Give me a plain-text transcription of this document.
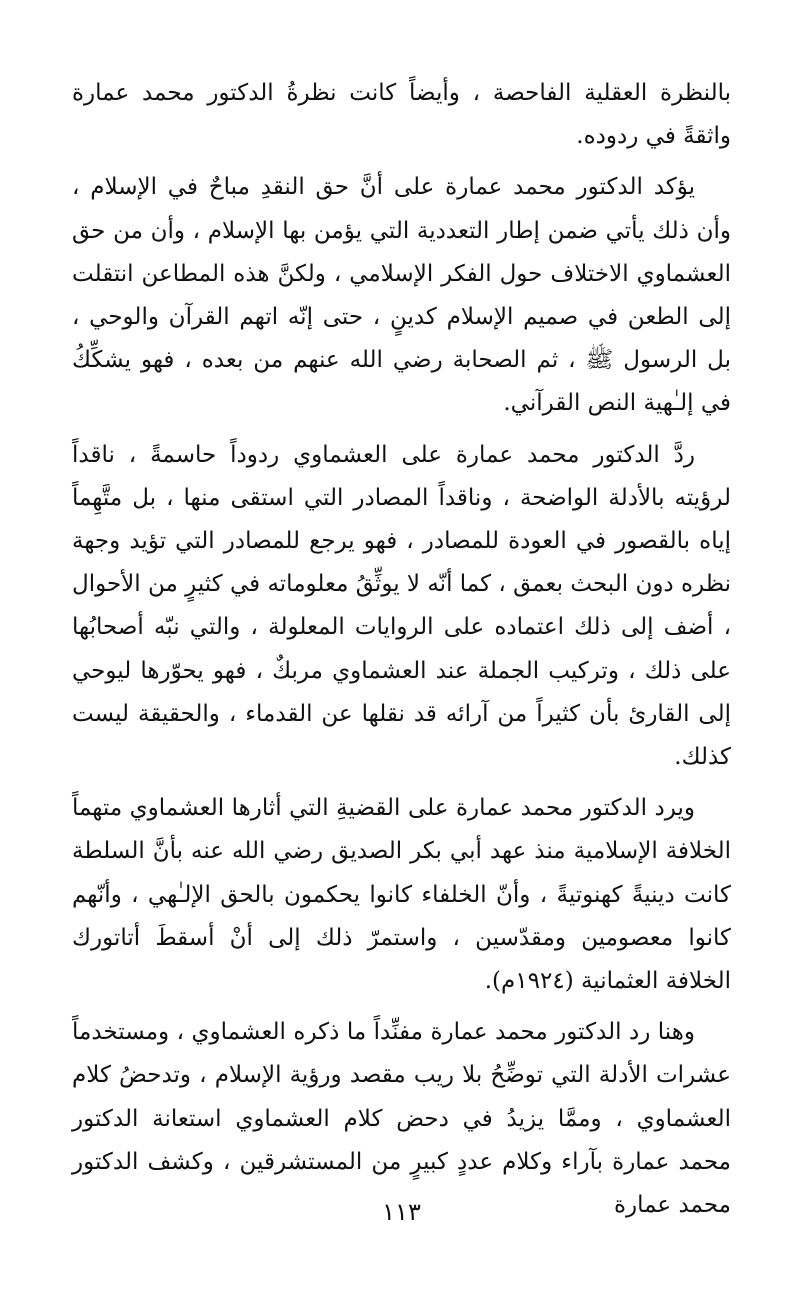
بالنظرة العقلية الفاحصة ، وأيضاً كانت نظرةُ الدكتور محمد عمارة واثقةً في ردوده.

يؤكد الدكتور محمد عمارة على أنَّ حق النقدِ مباحٌ في الإسلام ، وأن ذلك يأتي ضمن إطار التعددية التي يؤمن بها الإسلام ، وأن من حق العشماوي الاختلاف حول الفكر الإسلامي ، ولكنَّ هذه المطاعن انتقلت إلى الطعن في صميم الإسلام كدينٍ ، حتى إنّه اتهم القرآن والوحي ، بل الرسول ﷺ ، ثم الصحابة رضي الله عنهم من بعده ، فهو يشكِّكُ في إلـٰهية النص القرآني.

ردَّ الدكتور محمد عمارة على العشماوي ردوداً حاسمةً ، ناقداً لرؤيته بالأدلة الواضحة ، وناقداً المصادر التي استقى منها ، بل متَّهِماً إياه بالقصور في العودة للمصادر ، فهو يرجع للمصادر التي تؤيد وجهة نظره دون البحث بعمق ، كما أنّه لا يوثِّقُ معلوماته في كثيرٍ من الأحوال ، أضف إلى ذلك اعتماده على الروايات المعلولة ، والتي نبّه أصحابُها على ذلك ، وتركيب الجملة عند العشماوي مربكٌ ، فهو يحوّرها ليوحي إلى القارئ بأن كثيراً من آرائه قد نقلها عن القدماء ، والحقيقة ليست كذلك.

ويرد الدكتور محمد عمارة على القضيةِ التي أثارها العشماوي متهماً الخلافة الإسلامية منذ عهد أبي بكر الصديق رضي الله عنه بأنَّ السلطة كانت دينيةً كهنوتيةً ، وأنّ الخلفاء كانوا يحكمون بالحق الإلـٰهي ، وأنّهم كانوا معصومين ومقدّسين ، واستمرّ ذلك إلى أنْ أسقطَ أتاتورك الخلافة العثمانية (١٩٢٤م).

وهنا رد الدكتور محمد عمارة مفنِّداً ما ذكره العشماوي ، ومستخدماً عشرات الأدلة التي توضِّحُ بلا ريب مقصد ورؤية الإسلام ، وتدحضُ كلام العشماوي ، وممَّا يزيدُ في دحض كلام العشماوي استعانة الدكتور محمد عمارة بآراء وكلام عددٍ كبيرٍ من المستشرقين ، وكشف الدكتور محمد عمارة

١١٣
